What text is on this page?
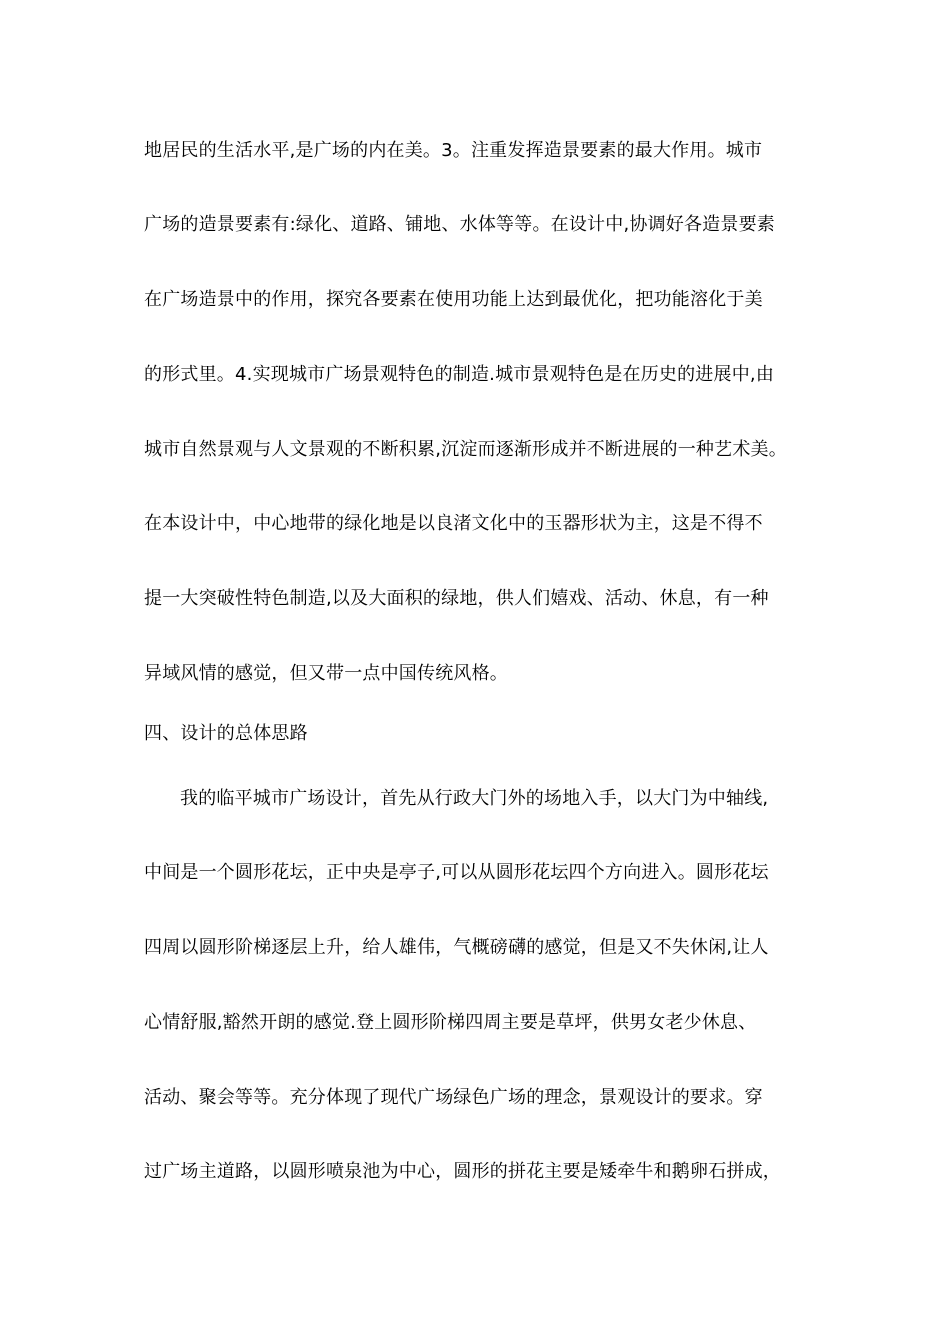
地居民的生活水平,是广场的内在美。3。注重发挥造景要素的最大作用。城市
广场的造景要素有:绿化、道路、铺地、水体等等。在设计中,协调好各造景要素
在广场造景中的作用，探究各要素在使用功能上达到最优化，把功能溶化于美
的形式里。4.实现城市广场景观特色的制造.城市景观特色是在历史的进展中,由
城市自然景观与人文景观的不断积累,沉淀而逐渐形成并不断进展的一种艺术美。
在本设计中，中心地带的绿化地是以良渚文化中的玉器形状为主，这是不得不
提一大突破性特色制造,以及大面积的绿地，供人们嬉戏、活动、休息，有一种
异域风情的感觉，但又带一点中国传统风格。
四、设计的总体思路
我的临平城市广场设计，首先从行政大门外的场地入手，以大门为中轴线,
中间是一个圆形花坛，正中央是亭子,可以从圆形花坛四个方向进入。圆形花坛
四周以圆形阶梯逐层上升，给人雄伟，气概磅礴的感觉，但是又不失休闲,让人
心情舒服,豁然开朗的感觉.登上圆形阶梯四周主要是草坪，供男女老少休息、
活动、聚会等等。充分体现了现代广场绿色广场的理念，景观设计的要求。穿
过广场主道路，以圆形喷泉池为中心，圆形的拼花主要是矮牵牛和鹅卵石拼成，
